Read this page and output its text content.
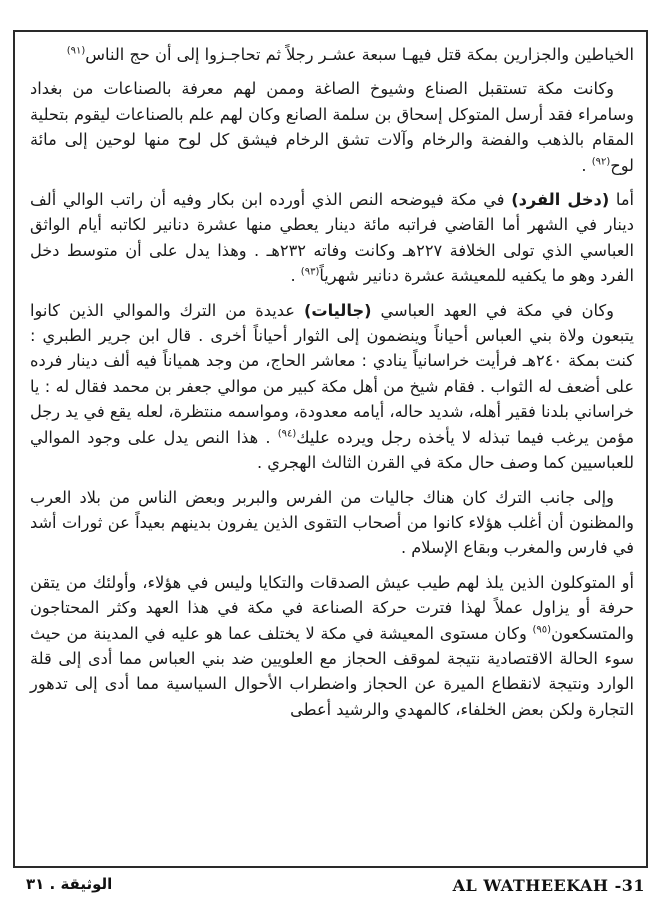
الخياطين والجزارين بمكة قتل فيهـا سبعة عشـر رجلاً ثم تحاجـزوا إلى أن حج الناس$^{(٩١)}$

وكانت مكة تستقبل الصناع وشيوخ الصاغة وممن لهم معرفة بالصناعات من بغداد وسامراء فقد أرسل المتوكل إسحاق بن سلمة الصانع وكان لهم علم بالصناعات ليقوم بتحلية المقام بالذهب والفضة والرخام وآلات تشق الرخام فيشق كل لوح منها لوحين إلى مائة لوح$^{(٩٢)}$ .

أما (دخل الفرد) في مكة فيوضحه النص الذي أورده ابن بكار وفيه أن راتب الوالي ألف دينار في الشهر أما القاضي فراتبه مائة دينار يعطي منها عشرة دنانير لكاتبه أيام الواثق العباسي الذي تولى الخلافة ٢٢٧هـ وكانت وفاته ٢٣٢هـ . وهذا يدل على أن متوسط دخل الفرد وهو ما يكفيه للمعيشة عشرة دنانير شهرياً$^{(٩٣)}$ .

وكان في مكة في العهد العباسي (جاليات) عديدة من الترك والموالي الذين كانوا يتبعون ولاة بني العباس أحياناً وينضمون إلى الثوار أحياناً أخرى . قال ابن جرير الطبري : كنت بمكة ٢٤٠هـ فرأيت خراسانياً ينادي : معاشر الحاج، من وجد همياناً فيه ألف دينار فرده على أضعف له الثواب . فقام شيخ من أهل مكة كبير من موالي جعفر بن محمد فقال له : يا خراساني بلدنا فقير أهله، شديد حاله، أيامه معدودة، ومواسمه منتظرة، لعله يقع في يد رجل مؤمن يرغب فيما تبذله لا يأخذه رجل ويرده عليك$^{(٩٤)}$ . هذا النص يدل على وجود الموالي للعباسيين كما وصف حال مكة في القرن الثالث الهجري .

وإلى جانب الترك كان هناك جاليات من الفرس والبربر وبعض الناس من بلاد العرب والمظنون أن أغلب هؤلاء كانوا من أصحاب التقوى الذين يفرون بدينهم بعيداً عن ثورات أشد في فارس والمغرب وبقاع الإسلام .

أو المتوكلون الذين يلذ لهم طيب عيش الصدقات والتكايا وليس في هؤلاء، وأولئك من يتقن حرفة أو يزاول عملاً لهذا فترت حركة الصناعة في مكة في هذا العهد وكثر المحتاجون والمتسكعون$^{(٩٥)}$ وكان مستوى المعيشة في مكة لا يختلف عما هو عليه في المدينة من حيث سوء الحالة الاقتصادية نتيجة لموقف الحجاز مع العلويين ضد بني العباس مما أدى إلى قلة الوارد ونتيجة لانقطاع الميرة عن الحجاز واضطراب الأحوال السياسية مما أدى إلى تدهور التجارة ولكن بعض الخلفاء، كالمهدي والرشيد أعطى

AL WATHEEKAH -31
الوثيقة . ٣١
